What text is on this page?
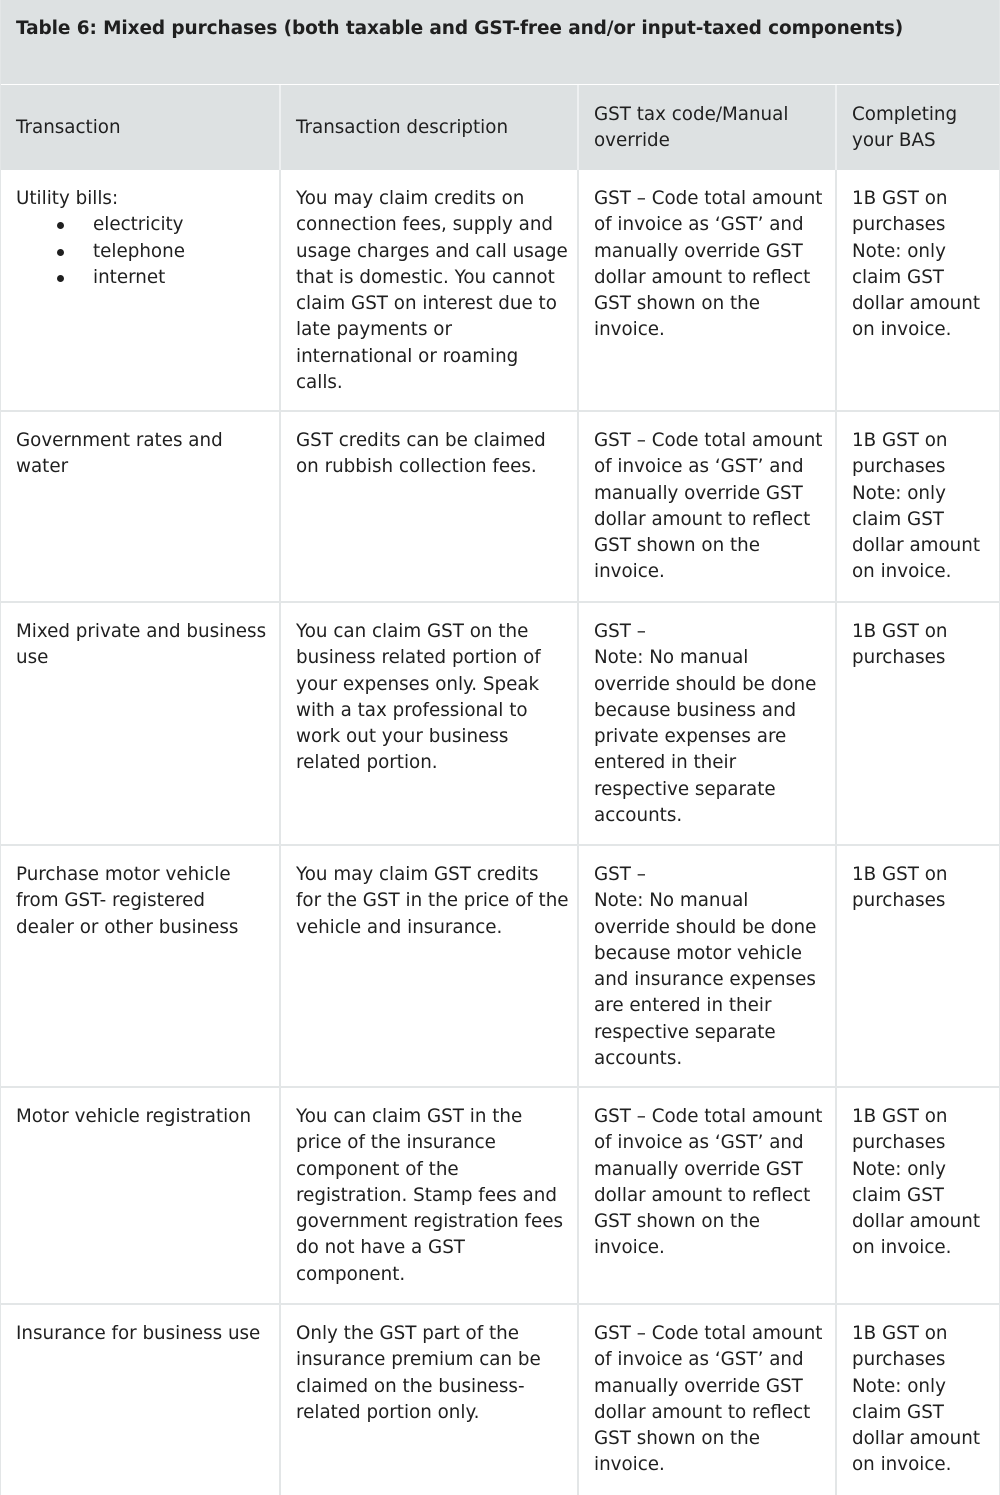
Table 6: Mixed purchases (both taxable and GST-free and/or input-taxed components)
Transaction	Transaction description
GST tax code/Manual
override
Completing
your BAS
Utility bills:
electricity
telephone
internet
You may claim credits on
connection fees, supply and
usage charges and call usage
that is domestic. You cannot
claim GST on interest due to
late payments or
international or roaming
calls.
GST – Code total amount
of invoice as ‘GST’ and
manually override GST
dollar amount to reflect
GST shown on the
invoice.
1B GST on
purchases
Note: only
claim GST
dollar amount
on invoice.
Government rates and
water
GST credits can be claimed
on rubbish collection fees.
GST – Code total amount
of invoice as ‘GST’ and
manually override GST
dollar amount to reflect
GST shown on the
invoice.
1B GST on
purchases
Note: only
claim GST
dollar amount
on invoice.
Mixed private and business
use
You can claim GST on the
business related portion of
your expenses only. Speak
with a tax professional to
work out your business
related portion.
GST –
Note: No manual
override should be done
because business and
private expenses are
entered in their
respective separate
accounts.
1B GST on
purchases
Purchase motor vehicle
from GST- registered
dealer or other business
You may claim GST credits
for the GST in the price of the
vehicle and insurance.
GST –
Note: No manual
override should be done
because motor vehicle
and insurance expenses
are entered in their
respective separate
accounts.
1B GST on
purchases
Motor vehicle registration	You can claim GST in the
price of the insurance
component of the
registration. Stamp fees and
government registration fees
do not have a GST
component.
GST – Code total amount
of invoice as ‘GST’ and
manually override GST
dollar amount to reflect
GST shown on the
invoice.
1B GST on
purchases
Note: only
claim GST
dollar amount
on invoice.
Insurance for business use Only the GST part of the
insurance premium can be
claimed on the business-
related portion only.
GST – Code total amount
of invoice as ‘GST’ and
manually override GST
dollar amount to reflect
GST shown on the
invoice.
1B GST on
purchases
Note: only
claim GST
dollar amount
on invoice.
